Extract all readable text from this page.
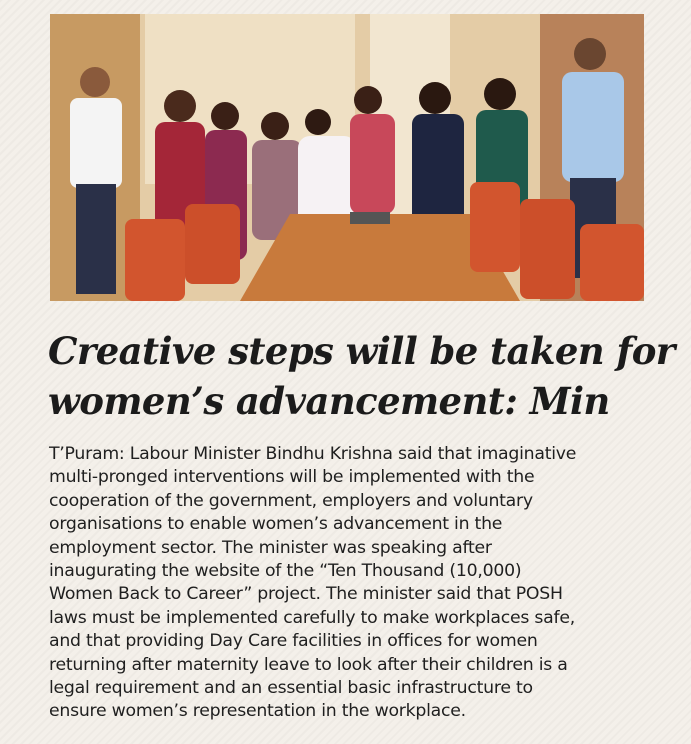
Creative steps will be taken for
women’s advancement: Min

T’Puram: Labour Minister Bindhu Krishna said that imaginative
multi-pronged interventions will be implemented with the
cooperation of the government, employers and voluntary
organisations to enable women’s advancement in the
employment sector. The minister was speaking after
inaugurating the website of the “Ten Thousand (10,000)
Women Back to Career” project. The minister said that POSH
laws must be implemented carefully to make workplaces safe,
and that providing Day Care facilities in offices for women
returning after maternity leave to look after their children is a
legal requirement and an essential basic infrastructure to
ensure women’s representation in the workplace.
